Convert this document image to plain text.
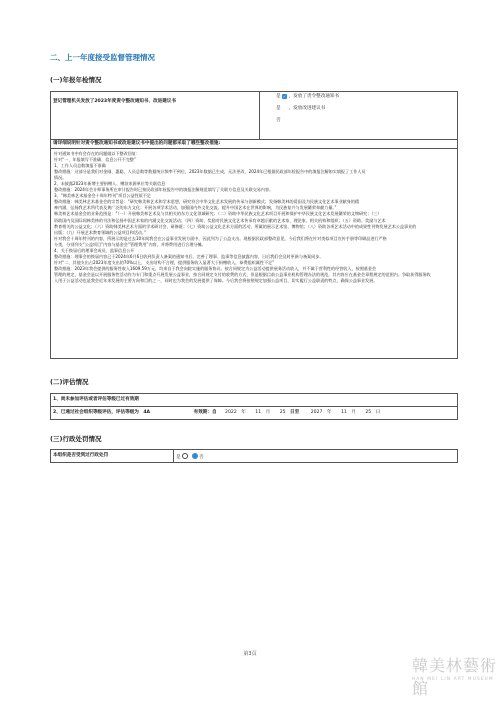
二、上一年度接受监督管理情况
(一)年报年检情况
登记管理机关发放了2023年度责令整改通知书、改进建议书	
是 ✓ ，发放了责令整改通知书
是 ，发放改进建议书
否

请详细说明针对责令整改通知书或改进建议书中提出的问题都采取了哪些整改措施:

针对通知书中有会存在的问题做以下整改回复：

针对“一、年报填写不准确、信息公开不完整”

1、工作人员总数填报不准确

整改措施：这部分是我们对金刚、惠聪、人员总数等数据统计频率不到位，2023年数据已生成，无法更改，2024年已根据民政部年检报告中的填报注解如实填报了工作人员

情况。

2、未披露2023年新增主要捐赠人、赠款来源单位等关联信息

整改措施：2024年会计师事务所在审计报告时已按民政部年检报告中的填报注解规范填写了关联方信息及关联交易内容。

3、“韩美林艺术基金会十周年特刊”项目公益性质不足

整改措施：韩美林艺术基金会的宗旨是：“研究韩美林艺术和学术思想，研究符合中华文化艺术发展的传承与创新模式；发扬韩美林的爱国及为民族文化艺术事业献身的精

神内涵，弘扬我艺术所代表及黄广泛的东方文化；开展各项学术活动，加强国内外文化交流，提升中国艺术在世界的影响，为民族复兴与发展繁荣奉献力量。”

韩美林艺术基金会的业务范围是：“（一）开展韩美林艺术及与其相关的东方文化领域研究；（二）资助中华民族文化艺术项目开展和保护中华民族文化艺术发展繁荣的文物研究；（三）

资助国内及国际间韩美林的书法和弘扬中国艺术家的内涵文化交流活动；（四）资助、奖励对民族文化艺术传承有卓越贡献的艺术家、理论家、相关机构和组织；（五）资助、奖励与艺术

教育相关的公益文化；（六）资助韩美林艺术方面的学术研讨会、研修班；（七）资助公益文化艺术方面的活动，所属的展示艺术馆、博物馆；（八）资助各项艺术活动中的成果性刊物发展艺术公益事业的

出版；（九）开展艺术教育领域的公益项目和活动。”

针对我会十周年特刊的内容，所展示的是过去10年间我会在公益事业发展方面中，因此列为了公益支出。现根据民政部整改意见，今后我们将在针对类似项目宣传手册等印刷品进行严格

分类，分别列支“公益项目”内容与基金会“管理费用”内容，并将费用进行合理分摊。

4、关于换届后的理事会成员、监事信息公开

整改措施：理事会的换届内容已于2024年6月6日收到负责人备案的通知书后，完善了理事、监事等信息披露内容，日后我们会及时更新与备案同步。

针对“二、其他支出占2023年度支出的70%以上，支出结构不合理，提供服务收入显著大于捐赠收入，恭费组织属性不足”

整改措施：2023年我会提供的服务性收入1609.59万元，均来自于我会向院实施的服务协议。按合同规定为公益活动提供展务活动收入，并不属于营利性的经营收入，按照基金会

管理的规定，基金会是以开展服务性活动作为专门和重点开展发展公益事业，按合同规定支付的收费的方式，但是根据目前公益事业机构管理办法的规范，其内容应在基金会章程规定的范围内。争取获得服务收

入用于公益活动也是我会近年来发展的主要方向和目的之一，同时也为我会的发展提供了保障。今后我会将按照规定加强公益项目，切实履行公益职责的特点，确保公益事业发展。

(二)评估情况
1、尚未参加评估或者评估等级已过有效期
2、已通过社会组织等级评估，评估等级为 4A	有效期：自 2022 年 11 月 25 日至 2027 年 11 月 25 日
(三)行政处罚情况
本组织是否受到过行政处罚	是	否
第3页
韓美林藝術館
HAN MEI LIN ART MUSEUM
